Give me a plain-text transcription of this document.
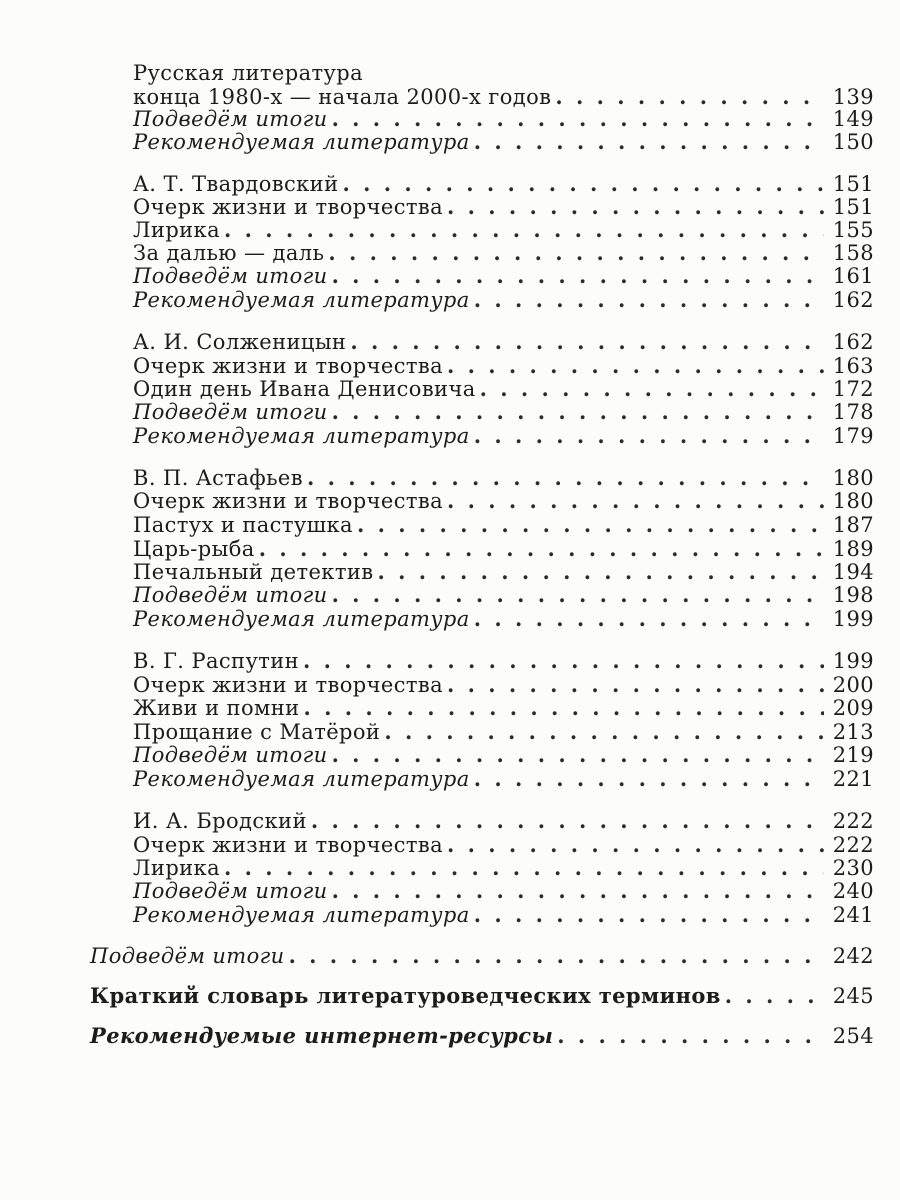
Русская литература
конца 1980-х — начала 2000-х годов . . .	139
Подведём итоги . . .	149
Рекомендуемая литература . . .	150
А. Т. Твардовский . . .	151
Очерк жизни и творчества . . .	151
Лирика . . .	155
За далью — даль . . .	158
Подведём итоги . . .	161
Рекомендуемая литература . . .	162
А. И. Солженицын . . .	162
Очерк жизни и творчества . . .	163
Один день Ивана Денисовича . . .	172
Подведём итоги . . .	178
Рекомендуемая литература . . .	179
В. П. Астафьев . . .	180
Очерк жизни и творчества . . .	180
Пастух и пастушка . . .	187
Царь-рыба . . .	189
Печальный детектив . . .	194
Подведём итоги . . .	198
Рекомендуемая литература . . .	199
В. Г. Распутин . . .	199
Очерк жизни и творчества . . .	200
Живи и помни . . .	209
Прощание с Матёрой . . .	213
Подведём итоги . . .	219
Рекомендуемая литература . . .	221
И. А. Бродский . . .	222
Очерк жизни и творчества . . .	222
Лирика . . .	230
Подведём итоги . . .	240
Рекомендуемая литература . . .	241
Подведём итоги . . .	242
Краткий словарь литературоведческих терминов . . .	245
Рекомендуемые интернет-ресурсы . . .	254
